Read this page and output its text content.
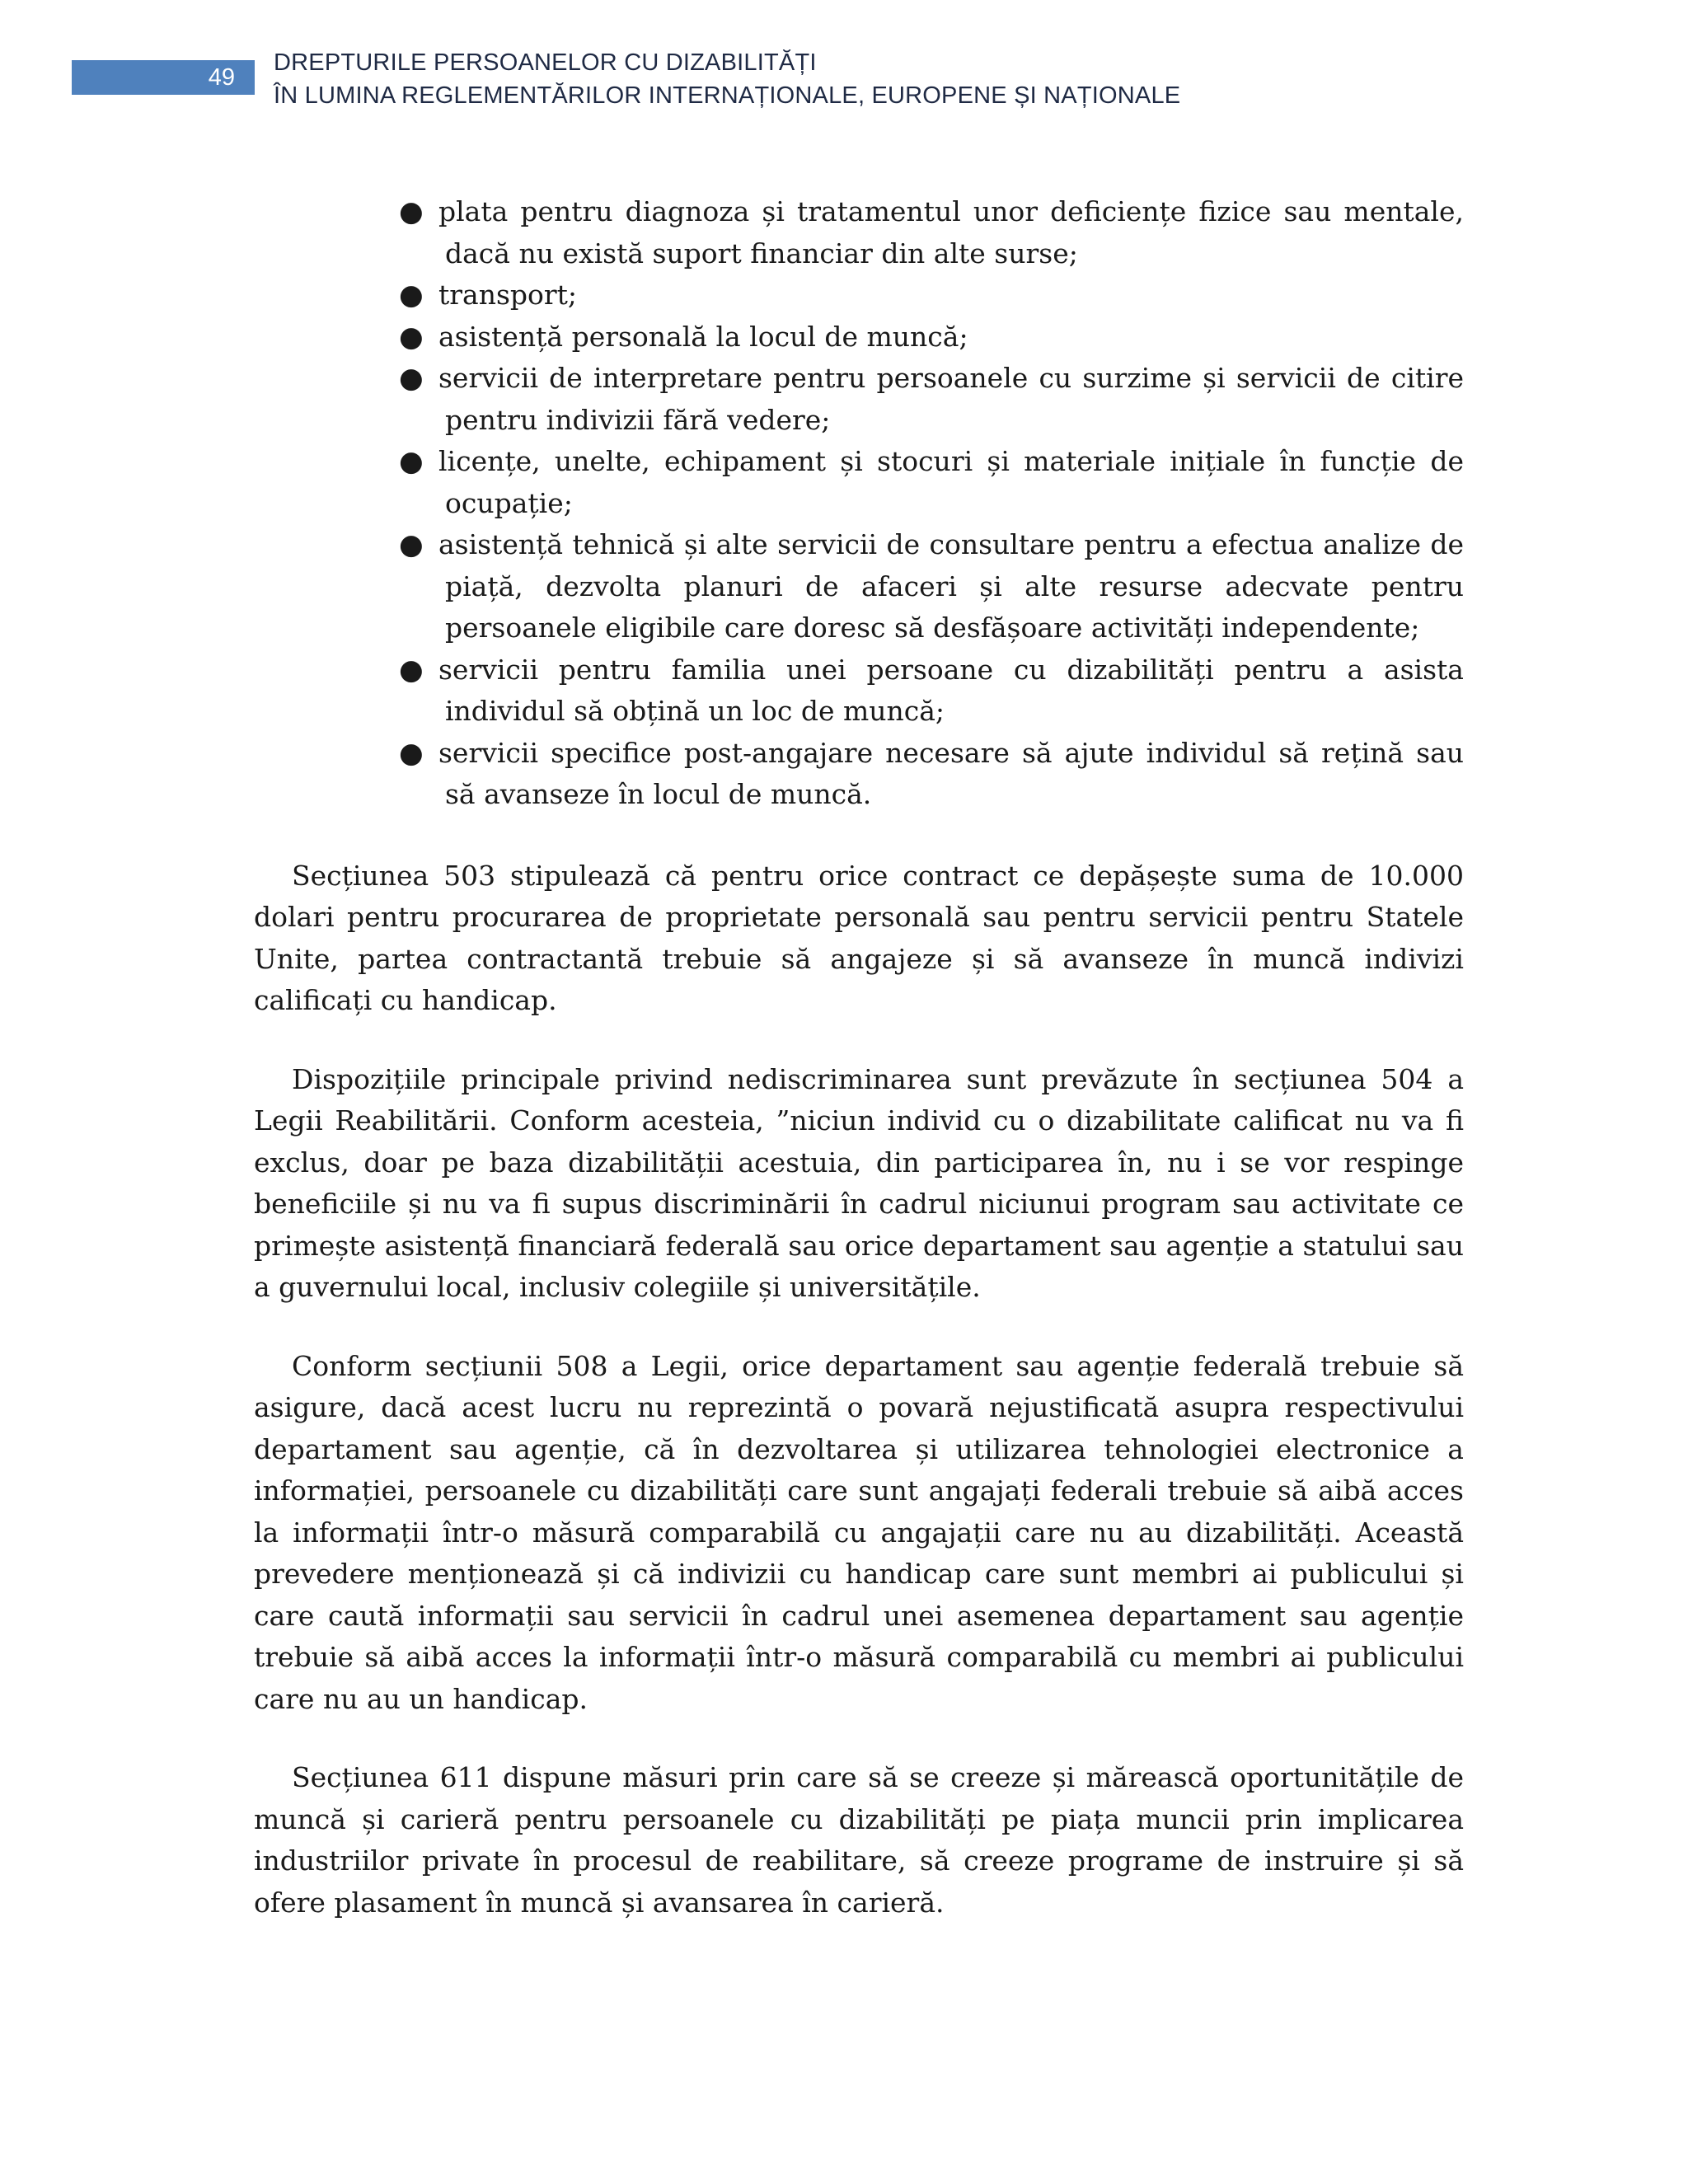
49
DREPTURILE PERSOANELOR CU DIZABILITĂȚI
ÎN LUMINA REGLEMENTĂRILOR INTERNAȚIONALE, EUROPENE ȘI NAȚIONALE
● plata pentru diagnoza și tratamentul unor deficiențe fizice sau mentale, dacă nu există suport financiar din alte surse;
● transport;
● asistență personală la locul de muncă;
● servicii de interpretare pentru persoanele cu surzime și servicii de citire pentru indivizii fără vedere;
● licențe, unelte, echipament și stocuri și materiale inițiale în funcție de ocupație;
● asistență tehnică și alte servicii de consultare pentru a efectua analize de piață, dezvolta planuri de afaceri și alte resurse adecvate pentru persoanele eligibile care doresc să desfășoare activități independente;
● servicii pentru familia unei persoane cu dizabilități pentru a asista individul să obțină un loc de muncă;
● servicii specifice post-angajare necesare să ajute individul să rețină sau să avanseze în locul de muncă.

Secțiunea 503 stipulează că pentru orice contract ce depășește suma de 10.000 dolari pentru procurarea de proprietate personală sau pentru servicii pentru Statele Unite, partea contractantă trebuie să angajeze și să avanseze în muncă indivizi calificați cu handicap.

Dispozițiile principale privind nediscriminarea sunt prevăzute în secțiunea 504 a Legii Reabilitării. Conform acesteia, ”niciun individ cu o dizabilitate calificat nu va fi exclus, doar pe baza dizabilității acestuia, din participarea în, nu i se vor respinge beneficiile și nu va fi supus discriminării în cadrul niciunui program sau activitate ce primește asistență financiară federală sau orice departament sau agenție a statului sau a guvernului local, inclusiv colegiile și universitățile.

Conform secțiunii 508 a Legii, orice departament sau agenție federală trebuie să asigure, dacă acest lucru nu reprezintă o povară nejustificată asupra respectivului departament sau agenție, că în dezvoltarea și utilizarea tehnologiei electronice a informației, persoanele cu dizabilități care sunt angajați federali trebuie să aibă acces la informații într-o măsură comparabilă cu angajații care nu au dizabilități. Această prevedere menționează și că indivizii cu handicap care sunt membri ai publicului și care caută informații sau servicii în cadrul unei asemenea departament sau agenție trebuie să aibă acces la informații într-o măsură comparabilă cu membri ai publicului care nu au un handicap.

Secțiunea 611 dispune măsuri prin care să se creeze și mărească oportunitățile de muncă și carieră pentru persoanele cu dizabilități pe piața muncii prin implicarea industriilor private în procesul de reabilitare, să creeze programe de instruire și să ofere plasament în muncă și avansarea în carieră.
